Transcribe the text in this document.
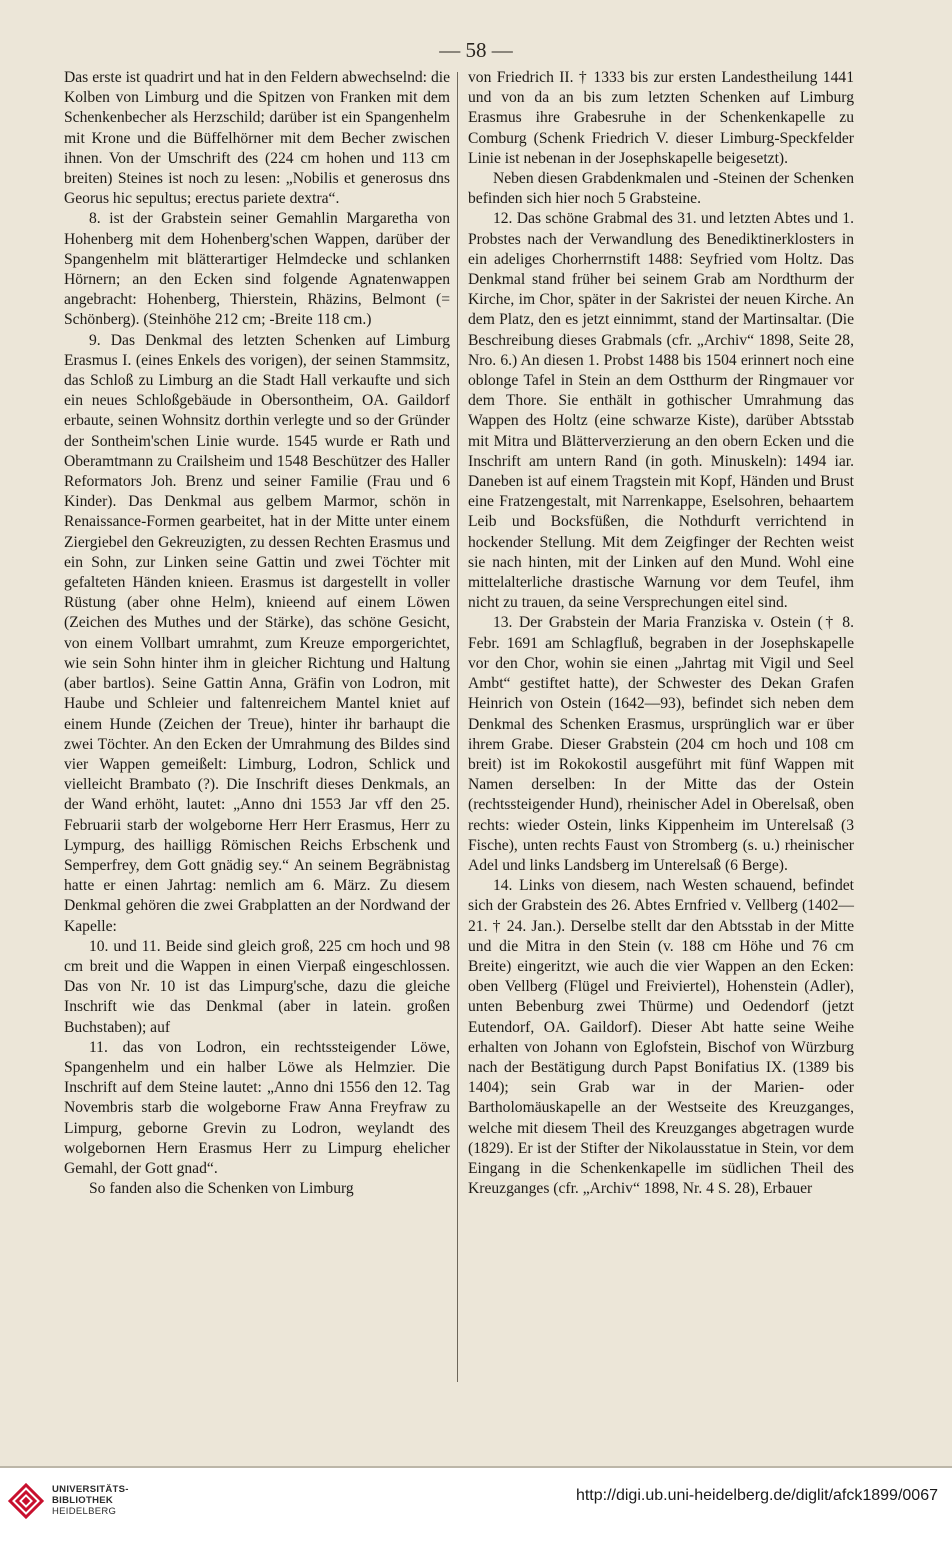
— 58 —

Das erste ist quadrirt und hat in den Feldern abwechselnd: die Kolben von Limburg und die Spitzen von Franken mit dem Schenkenbecher als Herzschild; darüber ist ein Spangenhelm mit Krone und die Büffelhörner mit dem Becher zwischen ihnen. Von der Umschrift des (224 cm hohen und 113 cm breiten) Steines ist noch zu lesen: „Nobilis et generosus dns Georus hic sepultus; erectus pariete dextra“.

8. ist der Grabstein seiner Gemahlin Margaretha von Hohenberg mit dem Hohenberg'schen Wappen, darüber der Spangenhelm mit blätterartiger Helmdecke und schlanken Hörnern; an den Ecken sind folgende Agnatenwappen angebracht: Hohenberg, Thierstein, Rhäzins, Belmont (= Schönberg). (Steinhöhe 212 cm; -Breite 118 cm.)

9. Das Denkmal des letzten Schenken auf Limburg Erasmus I. (eines Enkels des vorigen), der seinen Stammsitz, das Schloß zu Limburg an die Stadt Hall verkaufte und sich ein neues Schloßgebäude in Obersontheim, OA. Gaildorf erbaute, seinen Wohnsitz dorthin verlegte und so der Gründer der Sontheim'schen Linie wurde. 1545 wurde er Rath und Oberamtmann zu Crailsheim und 1548 Beschützer des Haller Reformators Joh. Brenz und seiner Familie (Frau und 6 Kinder). Das Denkmal aus gelbem Marmor, schön in Renaissance-Formen gearbeitet, hat in der Mitte unter einem Ziergiebel den Gekreuzigten, zu dessen Rechten Erasmus und ein Sohn, zur Linken seine Gattin und zwei Töchter mit gefalteten Händen knieen. Erasmus ist dargestellt in voller Rüstung (aber ohne Helm), knieend auf einem Löwen (Zeichen des Muthes und der Stärke), das schöne Gesicht, von einem Vollbart umrahmt, zum Kreuze emporgerichtet, wie sein Sohn hinter ihm in gleicher Richtung und Haltung (aber bartlos). Seine Gattin Anna, Gräfin von Lodron, mit Haube und Schleier und faltenreichem Mantel kniet auf einem Hunde (Zeichen der Treue), hinter ihr barhaupt die zwei Töchter. An den Ecken der Umrahmung des Bildes sind vier Wappen gemeißelt: Limburg, Lodron, Schlick und vielleicht Brambato (?). Die Inschrift dieses Denkmals, an der Wand erhöht, lautet: „Anno dni 1553 Jar vff den 25. Februarii starb der wolgeborne Herr Herr Erasmus, Herr zu Lympurg, des hailligg Römischen Reichs Erbschenk und Semperfrey, dem Gott gnädig sey.“ An seinem Begräbnistag hatte er einen Jahrtag: nemlich am 6. März. Zu diesem Denkmal gehören die zwei Grabplatten an der Nordwand der Kapelle:

10. und 11. Beide sind gleich groß, 225 cm hoch und 98 cm breit und die Wappen in einen Vierpaß eingeschlossen. Das von Nr. 10 ist das Limpurg'sche, dazu die gleiche Inschrift wie das Denkmal (aber in latein. großen Buchstaben); auf

11. das von Lodron, ein rechtssteigender Löwe, Spangenhelm und ein halber Löwe als Helmzier. Die Inschrift auf dem Steine lautet: „Anno dni 1556 den 12. Tag Novembris starb die wolgeborne Fraw Anna Freyfraw zu Limpurg, geborne Grevin zu Lodron, weylandt des wolgebornen Hern Erasmus Herr zu Limpurg ehelicher Gemahl, der Gott gnad“.

So fanden also die Schenken von Limburg

von Friedrich II. † 1333 bis zur ersten Landestheilung 1441 und von da an bis zum letzten Schenken auf Limburg Erasmus ihre Grabesruhe in der Schenkenkapelle zu Comburg (Schenk Friedrich V. dieser Limburg-Speckfelder Linie ist nebenan in der Josephskapelle beigesetzt).

Neben diesen Grabdenkmalen und -Steinen der Schenken befinden sich hier noch 5 Grabsteine.

12. Das schöne Grabmal des 31. und letzten Abtes und 1. Probstes nach der Verwandlung des Benediktinerklosters in ein adeliges Chorherrnstift 1488: Seyfried vom Holtz. Das Denkmal stand früher bei seinem Grab am Nordthurm der Kirche, im Chor, später in der Sakristei der neuen Kirche. An dem Platz, den es jetzt einnimmt, stand der Martinsaltar. (Die Beschreibung dieses Grabmals (cfr. „Archiv“ 1898, Seite 28, Nro. 6.) An diesen 1. Probst 1488 bis 1504 erinnert noch eine oblonge Tafel in Stein an dem Ostthurm der Ringmauer vor dem Thore. Sie enthält in gothischer Umrahmung das Wappen des Holtz (eine schwarze Kiste), darüber Abtsstab mit Mitra und Blätterverzierung an den obern Ecken und die Inschrift am untern Rand (in goth. Minuskeln): 1494 iar. Daneben ist auf einem Tragstein mit Kopf, Händen und Brust eine Fratzengestalt, mit Narrenkappe, Eselsohren, behaartem Leib und Bocksfüßen, die Nothdurft verrichtend in hockender Stellung. Mit dem Zeigfinger der Rechten weist sie nach hinten, mit der Linken auf den Mund. Wohl eine mittelalterliche drastische Warnung vor dem Teufel, ihm nicht zu trauen, da seine Versprechungen eitel sind.

13. Der Grabstein der Maria Franziska v. Ostein († 8. Febr. 1691 am Schlagfluß, begraben in der Josephskapelle vor den Chor, wohin sie einen „Jahrtag mit Vigil und Seel Ambt“ gestiftet hatte), der Schwester des Dekan Grafen Heinrich von Ostein (1642—93), befindet sich neben dem Denkmal des Schenken Erasmus, ursprünglich war er über ihrem Grabe. Dieser Grabstein (204 cm hoch und 108 cm breit) ist im Rokokostil ausgeführt mit fünf Wappen mit Namen derselben: In der Mitte das der Ostein (rechtssteigender Hund), rheinischer Adel in Oberelsaß, oben rechts: wieder Ostein, links Kippenheim im Unterelsaß (3 Fische), unten rechts Faust von Stromberg (s. u.) rheinischer Adel und links Landsberg im Unterelsaß (6 Berge).

14. Links von diesem, nach Westen schauend, befindet sich der Grabstein des 26. Abtes Ernfried v. Vellberg (1402—21. † 24. Jan.). Derselbe stellt dar den Abtsstab in der Mitte und die Mitra in den Stein (v. 188 cm Höhe und 76 cm Breite) eingeritzt, wie auch die vier Wappen an den Ecken: oben Vellberg (Flügel und Freiviertel), Hohenstein (Adler), unten Bebenburg zwei Thürme) und Oedendorf (jetzt Eutendorf, OA. Gaildorf). Dieser Abt hatte seine Weihe erhalten von Johann von Eglofstein, Bischof von Würzburg nach der Bestätigung durch Papst Bonifatius IX. (1389 bis 1404); sein Grab war in der Marien- oder Bartholomäuskapelle an der Westseite des Kreuzganges, welche mit diesem Theil des Kreuzganges abgetragen wurde (1829). Er ist der Stifter der Nikolausstatue in Stein, vor dem Eingang in die Schenkenkapelle im südlichen Theil des Kreuzganges (cfr. „Archiv“ 1898, Nr. 4 S. 28), Erbauer

UNIVERSITÄTS-
BIBLIOTHEK
HEIDELBERG
http://digi.ub.uni-heidelberg.de/diglit/afck1899/0067
